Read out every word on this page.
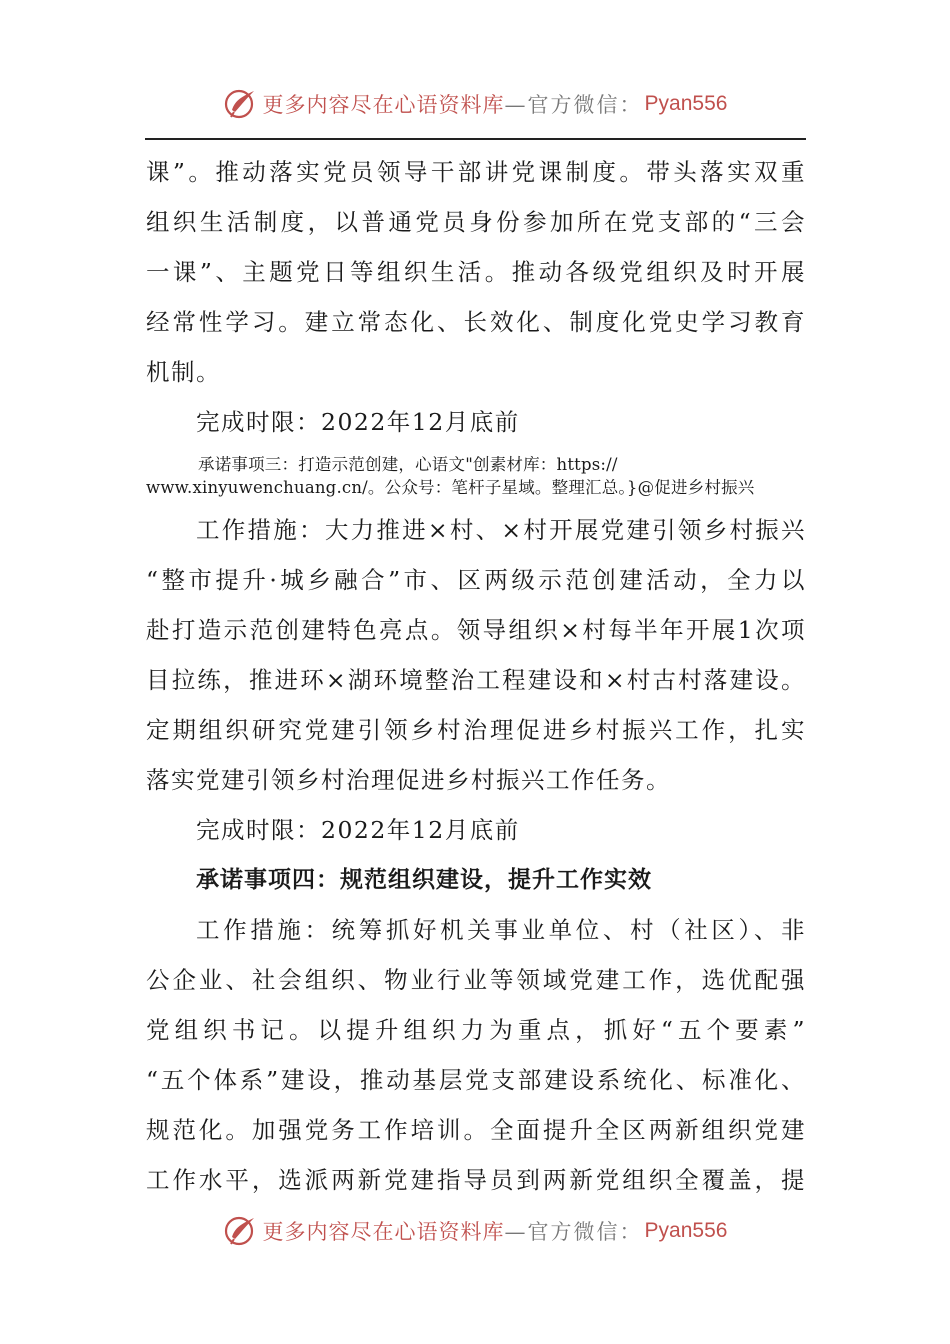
更多内容尽在心语资料库 —官方微信： Pyan556
课”。推动落实党员领导干部讲党课制度。带头落实双重
组织生活制度，以普通党员身份参加所在党支部的“三会
一课”、主题党日等组织生活。推动各级党组织及时开展
经常性学习。建立常态化、长效化、制度化党史学习教育
机制。
完成时限：2022年12月底前
承诺事项三：打造示范创建，心语文"创素材库：https://
www.xinyuwenchuang.cn/。公众号：笔杆子星域。整理汇总。}@促进乡村振兴
工作措施：大力推进×村、×村开展党建引领乡村振兴
“整市提升·城乡融合”市、区两级示范创建活动，全力以
赴打造示范创建特色亮点。领导组织×村每半年开展1次项
目拉练，推进环×湖环境整治工程建设和×村古村落建设。
定期组织研究党建引领乡村治理促进乡村振兴工作，扎实
落实党建引领乡村治理促进乡村振兴工作任务。
完成时限：2022年12月底前
承诺事项四：规范组织建设，提升工作实效
工作措施：统筹抓好机关事业单位、村（社区）、非
公企业、社会组织、物业行业等领域党建工作，选优配强
党组织书记。以提升组织力为重点，抓好“五个要素”
“五个体系”建设，推动基层党支部建设系统化、标准化、
规范化。加强党务工作培训。全面提升全区两新组织党建
工作水平，选派两新党建指导员到两新党组织全覆盖，提
更多内容尽在心语资料库 —官方微信： Pyan556
